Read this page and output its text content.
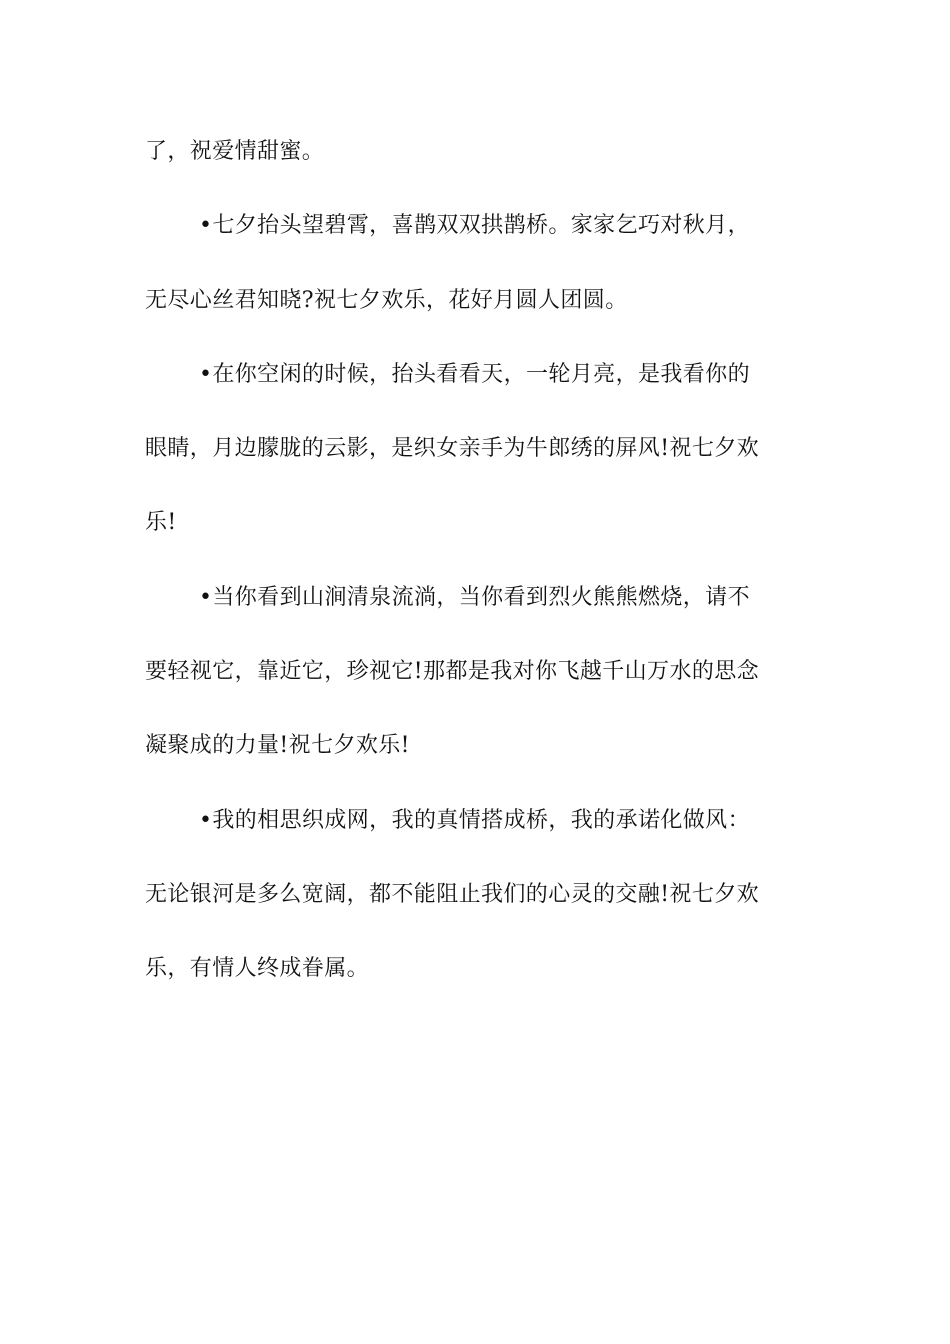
了，祝爱情甜蜜。
•七夕抬头望碧霄，喜鹊双双拱鹊桥。家家乞巧对秋月，
无尽心丝君知晓?祝七夕欢乐，花好月圆人团圆。
•在你空闲的时候，抬头看看天，一轮月亮，是我看你的
眼睛，月边朦胧的云影，是织女亲手为牛郎绣的屏风!祝七夕欢
乐!
•当你看到山涧清泉流淌，当你看到烈火熊熊燃烧，请不
要轻视它，靠近它，珍视它!那都是我对你飞越千山万水的思念
凝聚成的力量!祝七夕欢乐!
•我的相思织成网，我的真情搭成桥，我的承诺化做风：
无论银河是多么宽阔，都不能阻止我们的心灵的交融!祝七夕欢
乐，有情人终成眷属。
